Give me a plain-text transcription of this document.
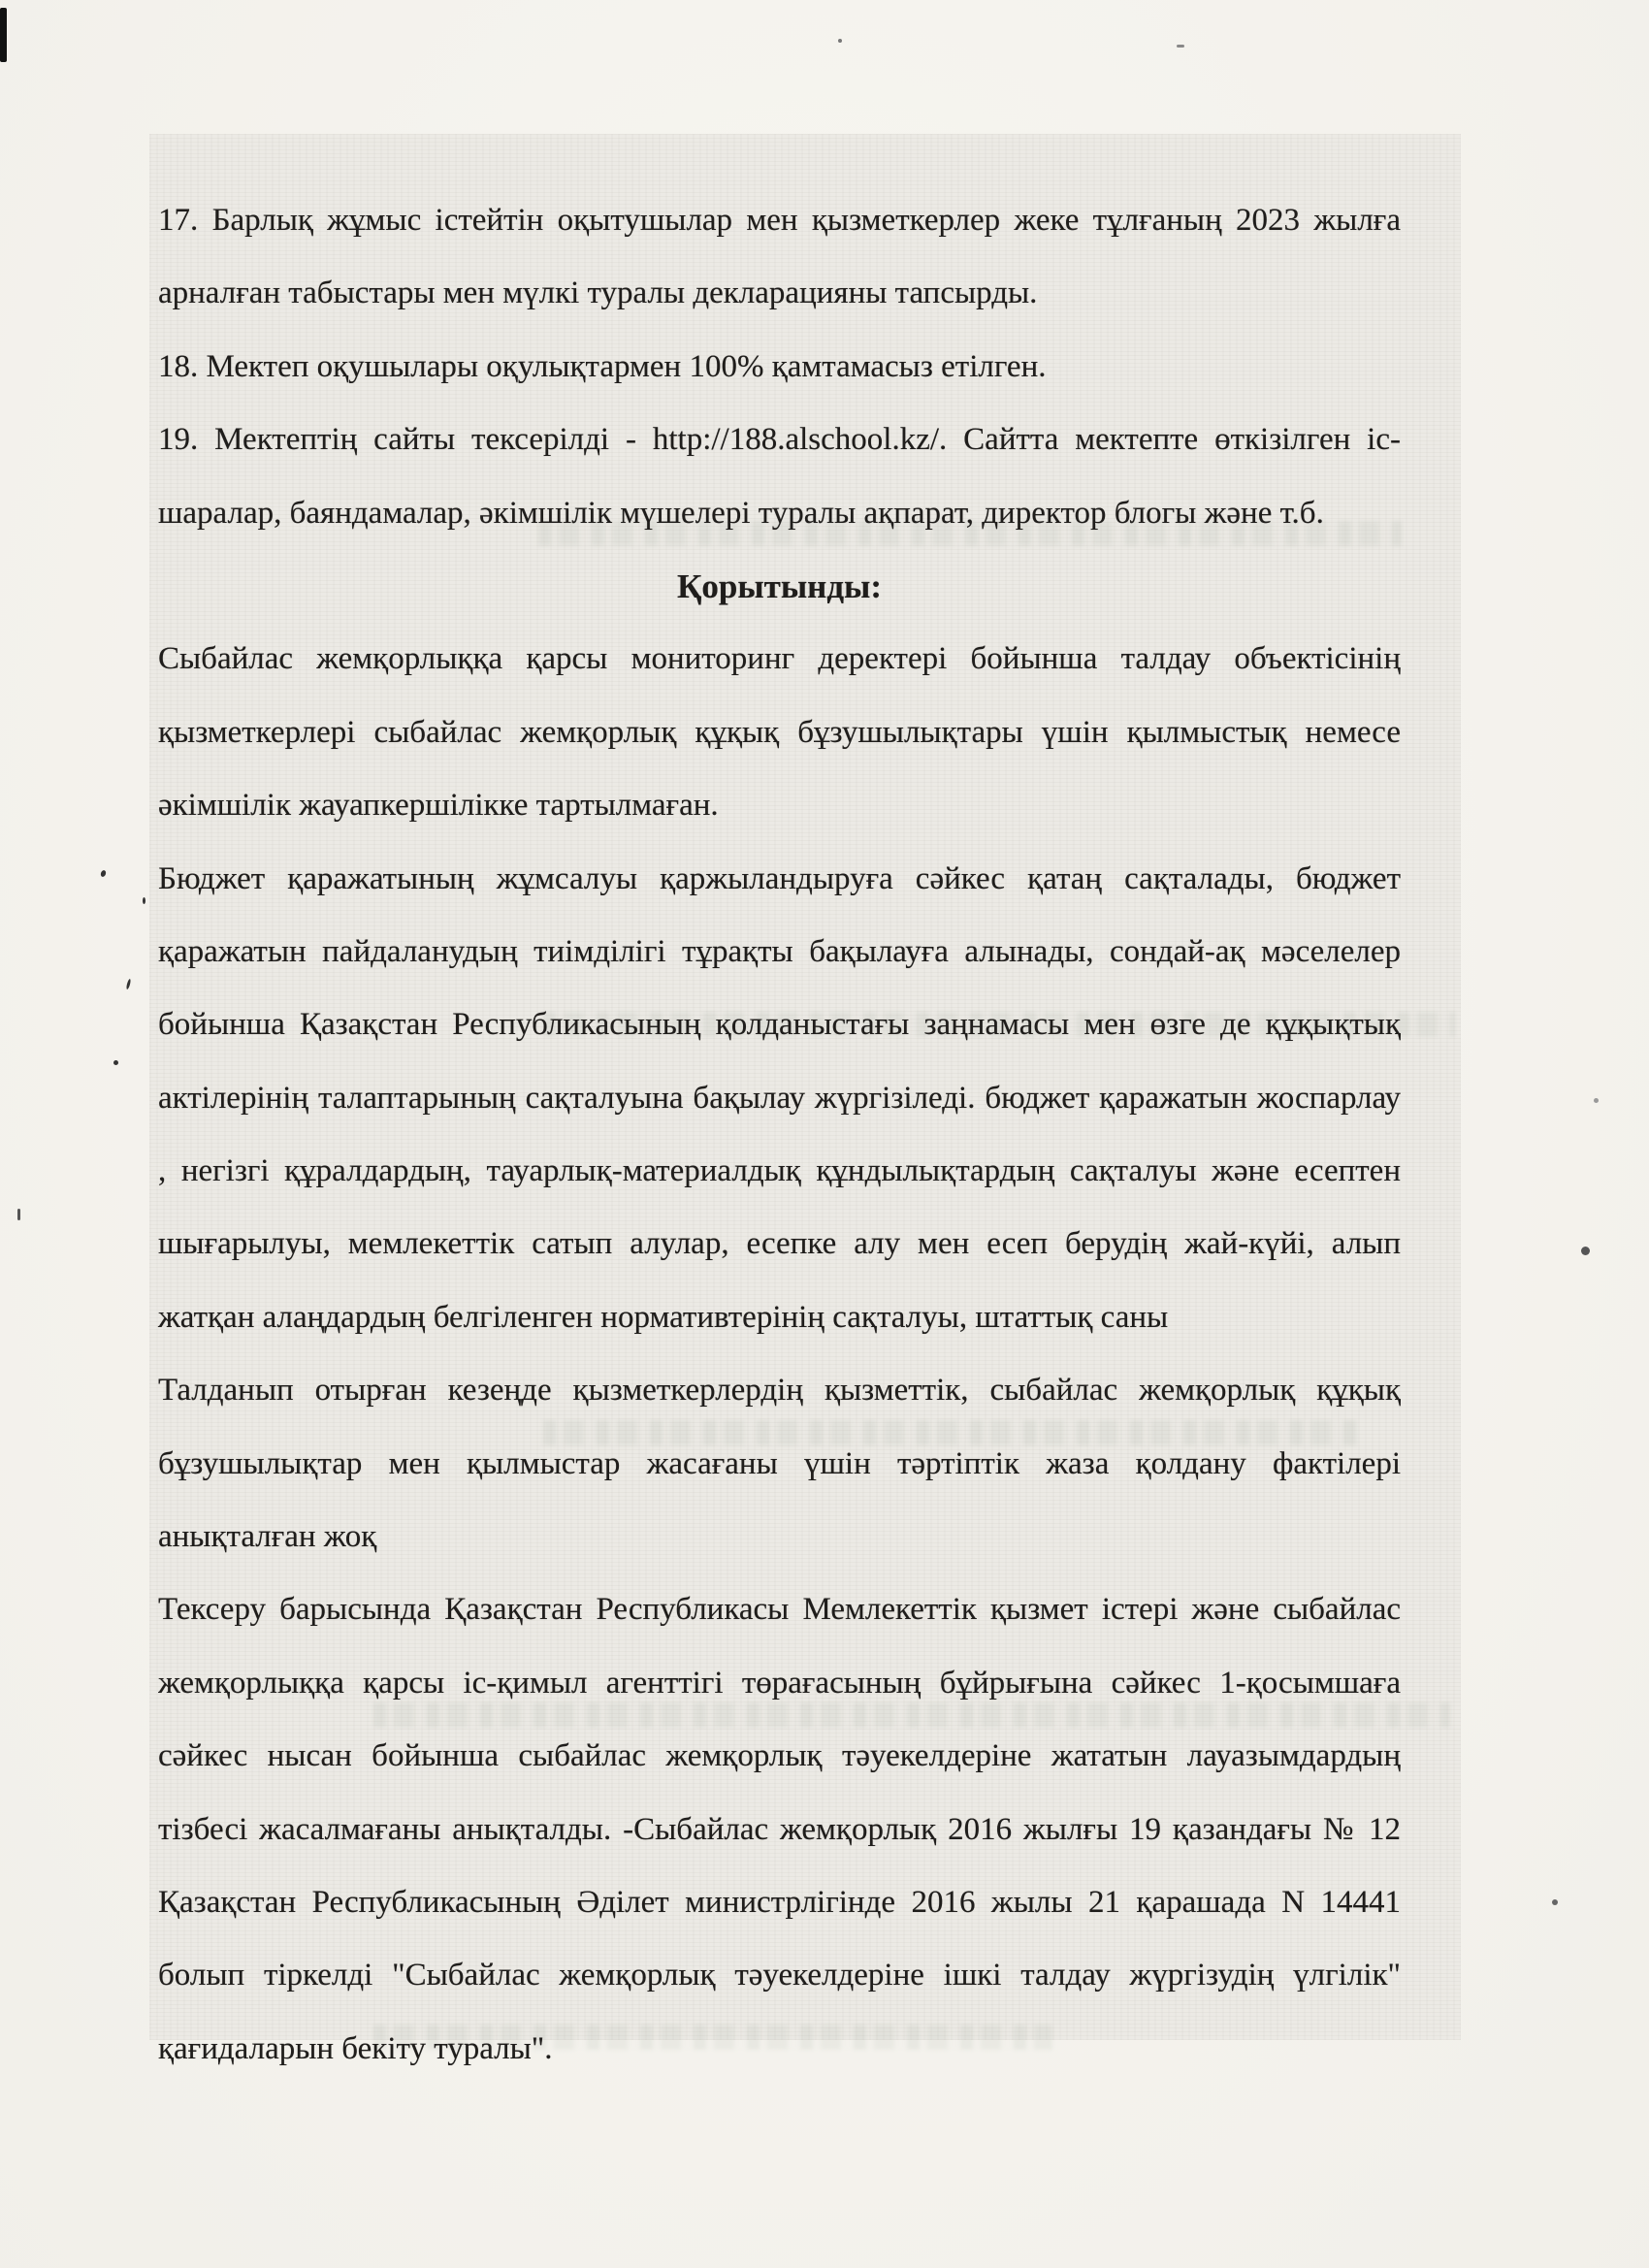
17. Барлық жұмыс істейтін оқытушылар мен қызметкерлер жеке тұлғаның 2023 жылға
арналған табыстары мен мүлкі туралы декларацияны тапсырды.
18. Мектеп оқушылары оқулықтармен 100% қамтамасыз етілген.
19. Мектептің сайты тексерілді - http://188.alschool.kz/. Сайтта мектепте өткізілген іс-
шаралар, баяндамалар, әкімшілік мүшелері туралы ақпарат, директор блогы және т.б.
Қорытынды:
Сыбайлас жемқорлыққа қарсы мониторинг деректері бойынша талдау объектісінің
қызметкерлері сыбайлас жемқорлық құқық бұзушылықтары үшін қылмыстық немесе
әкімшілік жауапкершілікке тартылмаған.
Бюджет қаражатының жұмсалуы қаржыландыруға сәйкес қатаң сақталады, бюджет
қаражатын пайдаланудың тиімділігі тұрақты бақылауға алынады, сондай-ақ мәселелер
бойынша Қазақстан Республикасының қолданыстағы заңнамасы мен өзге де құқықтық
актілерінің талаптарының сақталуына бақылау жүргізіледі. бюджет қаражатын жоспарлау
, негізгі құралдардың, тауарлық-материалдық құндылықтардың сақталуы және есептен
шығарылуы, мемлекеттік сатып алулар, есепке алу мен есеп берудің жай-күйі, алып
жатқан алаңдардың белгіленген нормативтерінің сақталуы, штаттық саны
Талданып отырған кезеңде қызметкерлердің қызметтік, сыбайлас жемқорлық құқық
бұзушылықтар мен қылмыстар жасағаны үшін тәртіптік жаза қолдану фактілері
анықталған жоқ
Тексеру барысында Қазақстан Республикасы Мемлекеттік қызмет істері және сыбайлас
жемқорлыққа қарсы іс-қимыл агенттігі төрағасының бұйрығына сәйкес 1-қосымшаға
сәйкес нысан бойынша сыбайлас жемқорлық тәуекелдеріне жататын лауазымдардың
тізбесі жасалмағаны анықталды. -Сыбайлас жемқорлық 2016 жылғы 19 қазандағы № 12
Қазақстан Республикасының Әділет министрлігінде 2016 жылы 21 қарашада N 14441
болып тіркелді "Сыбайлас жемқорлық тәуекелдеріне ішкі талдау жүргізудің үлгілік"
қағидаларын бекіту туралы".
